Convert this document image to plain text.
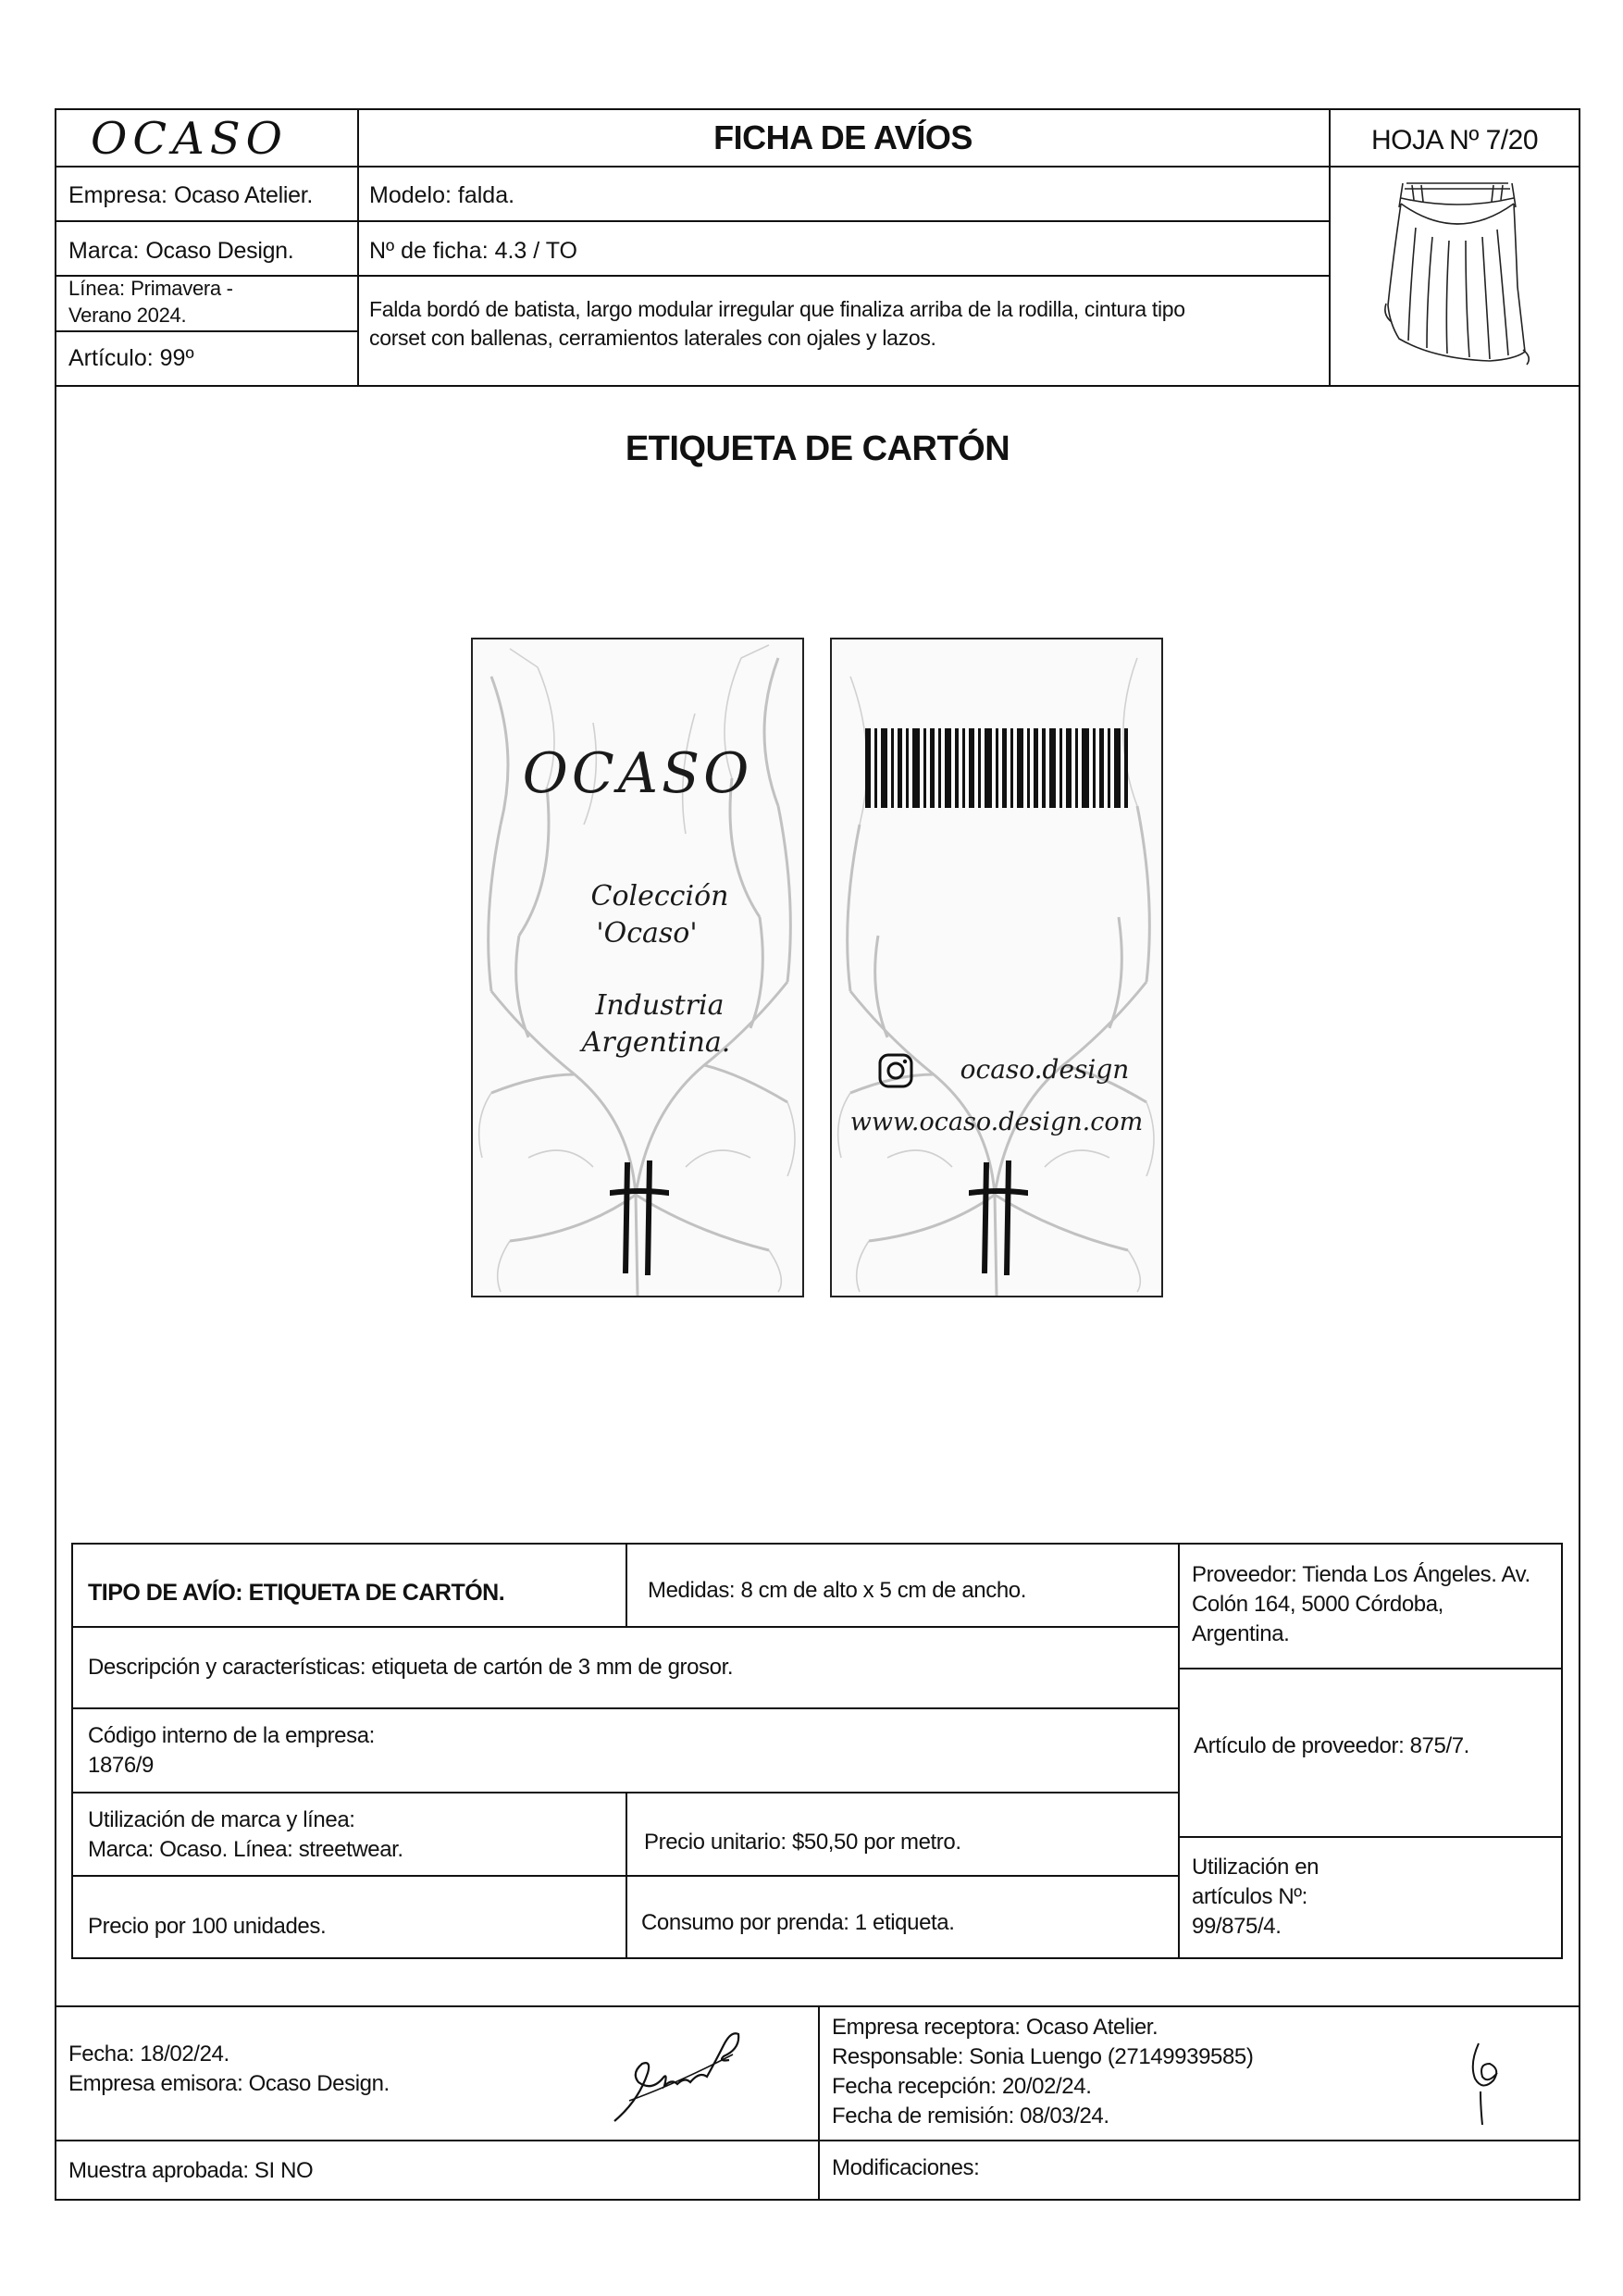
OCASO	FICHA DE AVÍOS	HOJA Nº 7/20
Empresa: Ocaso Atelier.
Marca: Ocaso Design.
Línea: Primavera -
Verano 2024.
Artículo: 99º
Modelo: falda.
Nº de ficha: 4.3 / TO
Falda bordó de batista, largo modular irregular que finaliza arriba de la rodilla, cintura tipo
corset con ballenas, cerramientos laterales con ojales y lazos.
ETIQUETA DE CARTÓN
OCASO
Colección
'Ocaso'
Industria
Argentina.
ocaso.design
www.ocaso.design.com
TIPO DE AVÍO: ETIQUETA DE CARTÓN.	Medidas: 8 cm de alto x 5 cm de ancho.
Proveedor: Tienda Los Ángeles. Av.
Colón 164, 5000 Córdoba,
Argentina.
Descripción y características: etiqueta de cartón de 3 mm de grosor.
Código interno de la empresa:
1876/9
Artículo de proveedor: 875/7.
Utilización de marca y línea:
Marca: Ocaso. Línea: streetwear.	Precio unitario: $50,50 por metro.
Utilización en
artículos Nº:
99/875/4.
Precio por 100 unidades.	Consumo por prenda: 1 etiqueta.
Fecha: 18/02/24.
Empresa emisora: Ocaso Design.
Empresa receptora: Ocaso Atelier.
Responsable: Sonia Luengo (27149939585)
Fecha recepción: 20/02/24.
Fecha de remisión: 08/03/24.
Muestra aprobada: SI NO	Modificaciones:
